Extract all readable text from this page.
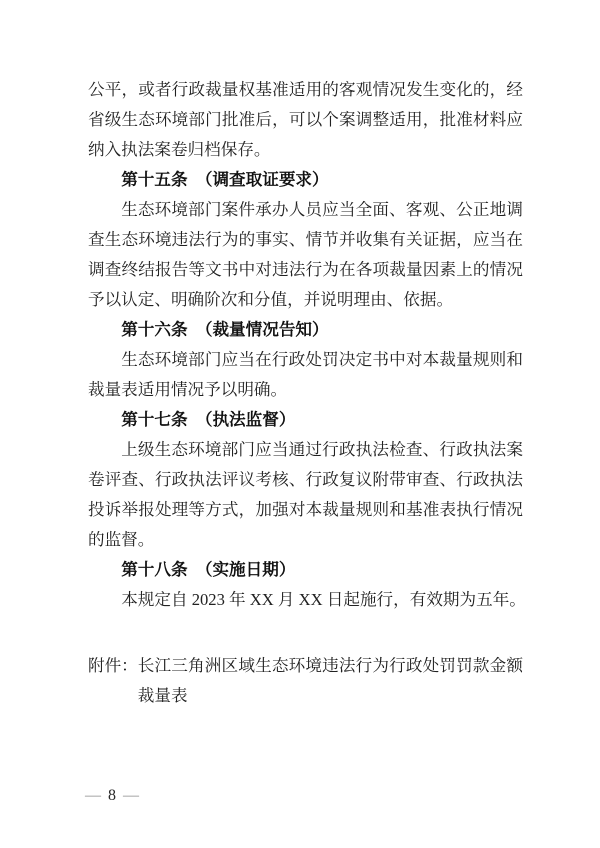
公平，或者行政裁量权基准适用的客观情况发生变化的，经省级生态环境部门批准后，可以个案调整适用，批准材料应纳入执法案卷归档保存。

第十五条　（调查取证要求）

生态环境部门案件承办人员应当全面、客观、公正地调查生态环境违法行为的事实、情节并收集有关证据，应当在调查终结报告等文书中对违法行为在各项裁量因素上的情况予以认定、明确阶次和分值，并说明理由、依据。

第十六条　（裁量情况告知）

生态环境部门应当在行政处罚决定书中对本裁量规则和裁量表适用情况予以明确。

第十七条　（执法监督）

上级生态环境部门应当通过行政执法检查、行政执法案卷评查、行政执法评议考核、行政复议附带审查、行政执法投诉举报处理等方式，加强对本裁量规则和基准表执行情况的监督。

第十八条　（实施日期）

本规定自 2023 年 XX 月 XX 日起施行，有效期为五年。

附件： 长江三角洲区域生态环境违法行为行政处罚罚款金额裁量表
— 8 —
